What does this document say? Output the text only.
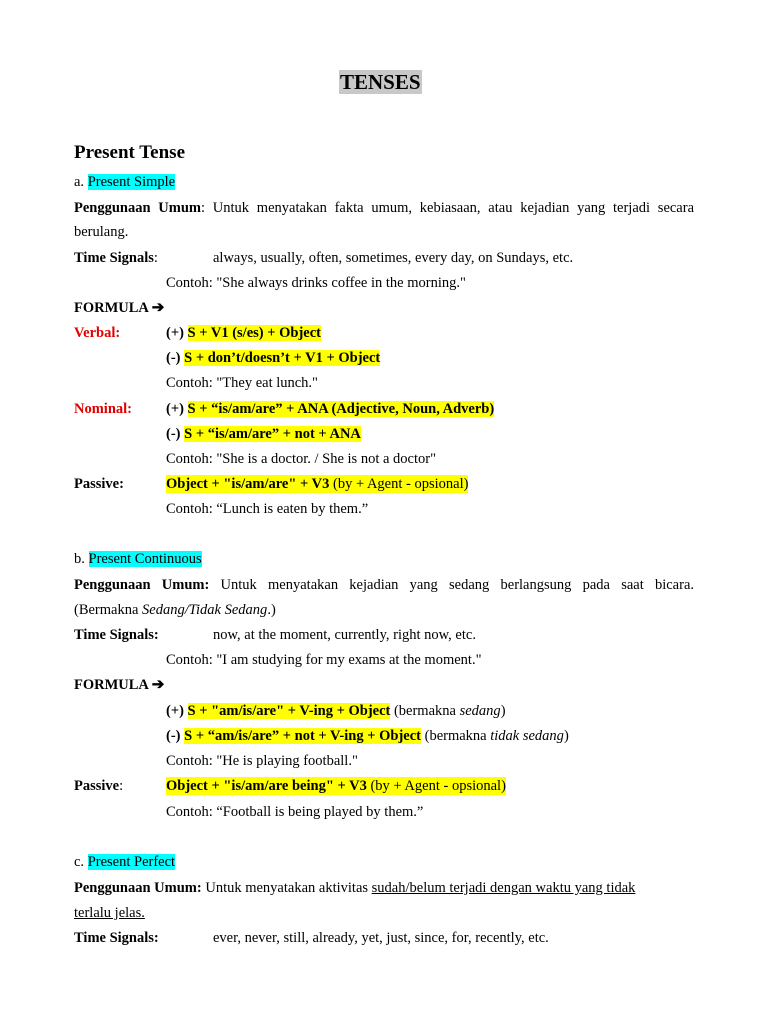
TENSES
Present Tense
a. Present Simple
Penggunaan Umum: Untuk menyatakan fakta umum, kebiasaan, atau kejadian yang terjadi secara
berulang.
Time Signals:	always, usually, often, sometimes, every day, on Sundays, etc.
Contoh: "She always drinks coffee in the morning."
FORMULA ➔
Verbal:	(+) S + V1 (s/es) + Object
(-) S + don’t/doesn’t + V1 + Object
Contoh: "They eat lunch."
Nominal: (+) S + “is/am/are” + ANA (Adjective, Noun, Adverb)
(-) S + “is/am/are” + not + ANA
Contoh: "She is a doctor. / She is not a doctor"
Passive:	Object + "is/am/are" + V3 (by + Agent - opsional)
Contoh: “Lunch is eaten by them.”
b. Present Continuous
Penggunaan Umum: Untuk menyatakan kejadian yang sedang berlangsung pada saat bicara.
(Bermakna Sedang/Tidak Sedang.)
Time Signals:	now, at the moment, currently, right now, etc.
Contoh: "I am studying for my exams at the moment."
FORMULA ➔
(+) S + "am/is/are" + V-ing + Object (bermakna sedang)
(-) S + “am/is/are” + not + V-ing + Object (bermakna tidak sedang)
Contoh: "He is playing football."
Passive:	Object + "is/am/are being" + V3 (by + Agent - opsional)
Contoh: “Football is being played by them.”
c. Present Perfect
Penggunaan Umum: Untuk menyatakan aktivitas sudah/belum terjadi dengan waktu yang tidak
terlalu jelas.
Time Signals:	ever, never, still, already, yet, just, since, for, recently, etc.
